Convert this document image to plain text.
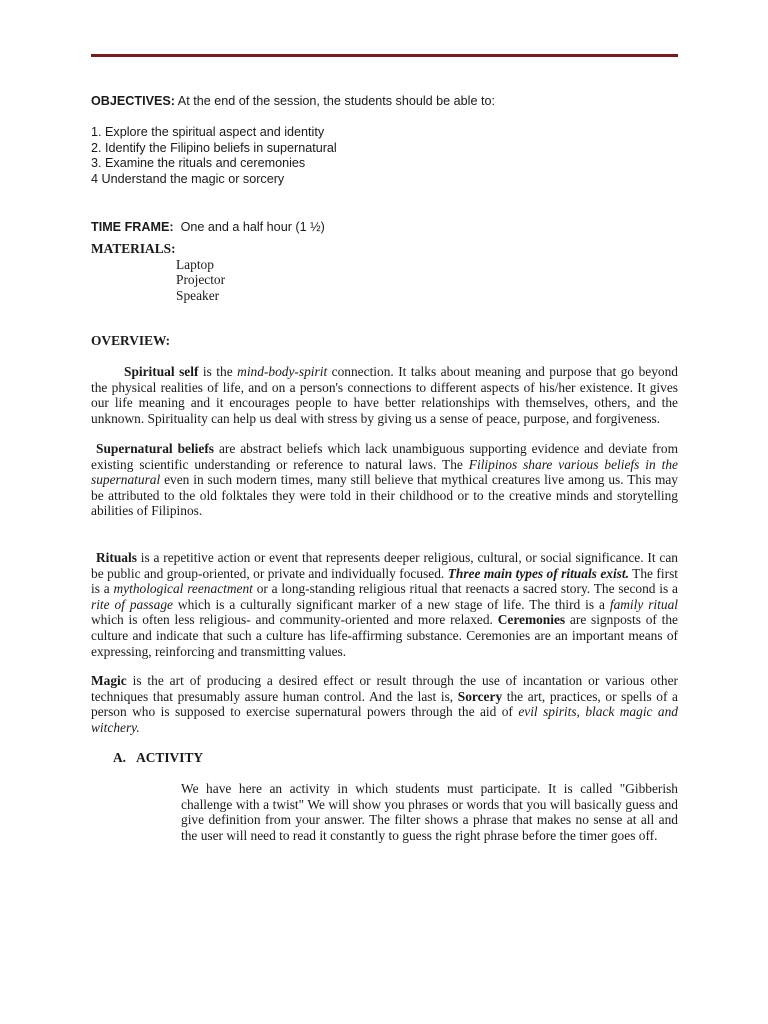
OBJECTIVES: At the end of the session, the students should be able to:
1. Explore the spiritual aspect and identity
2. Identify the Filipino beliefs in supernatural
3. Examine the rituals and ceremonies
4 Understand the magic or sorcery
TIME FRAME: One and a half hour (1 ½)
MATERIALS:
Laptop
Projector
Speaker
OVERVIEW:

Spiritual self is the mind-body-spirit connection. It talks about meaning and purpose that go beyond the physical realities of life, and on a person's connections to different aspects of his/her existence. It gives our life meaning and it encourages people to have better relationships with themselves, others, and the unknown. Spirituality can help us deal with stress by giving us a sense of peace, purpose, and forgiveness.

Supernatural beliefs are abstract beliefs which lack unambiguous supporting evidence and deviate from existing scientific understanding or reference to natural laws. The Filipinos share various beliefs in the supernatural even in such modern times, many still believe that mythical creatures live among us. This may be attributed to the old folktales they were told in their childhood or to the creative minds and storytelling abilities of Filipinos.

Rituals is a repetitive action or event that represents deeper religious, cultural, or social significance. It can be public and group-oriented, or private and individually focused. Three main types of rituals exist. The first is a mythological reenactment or a long-standing religious ritual that reenacts a sacred story. The second is a rite of passage which is a culturally significant marker of a new stage of life. The third is a family ritual which is often less religious- and community-oriented and more relaxed. Ceremonies are signposts of the culture and indicate that such a culture has life-affirming substance. Ceremonies are an important means of expressing, reinforcing and transmitting values.

Magic is the art of producing a desired effect or result through the use of incantation or various other techniques that presumably assure human control. And the last is, Sorcery the art, practices, or spells of a person who is supposed to exercise supernatural powers through the aid of evil spirits, black magic and witchery.

A. ACTIVITY

We have here an activity in which students must participate. It is called "Gibberish challenge with a twist" We will show you phrases or words that you will basically guess and give definition from your answer. The filter shows a phrase that makes no sense at all and the user will need to read it constantly to guess the right phrase before the timer goes off.
